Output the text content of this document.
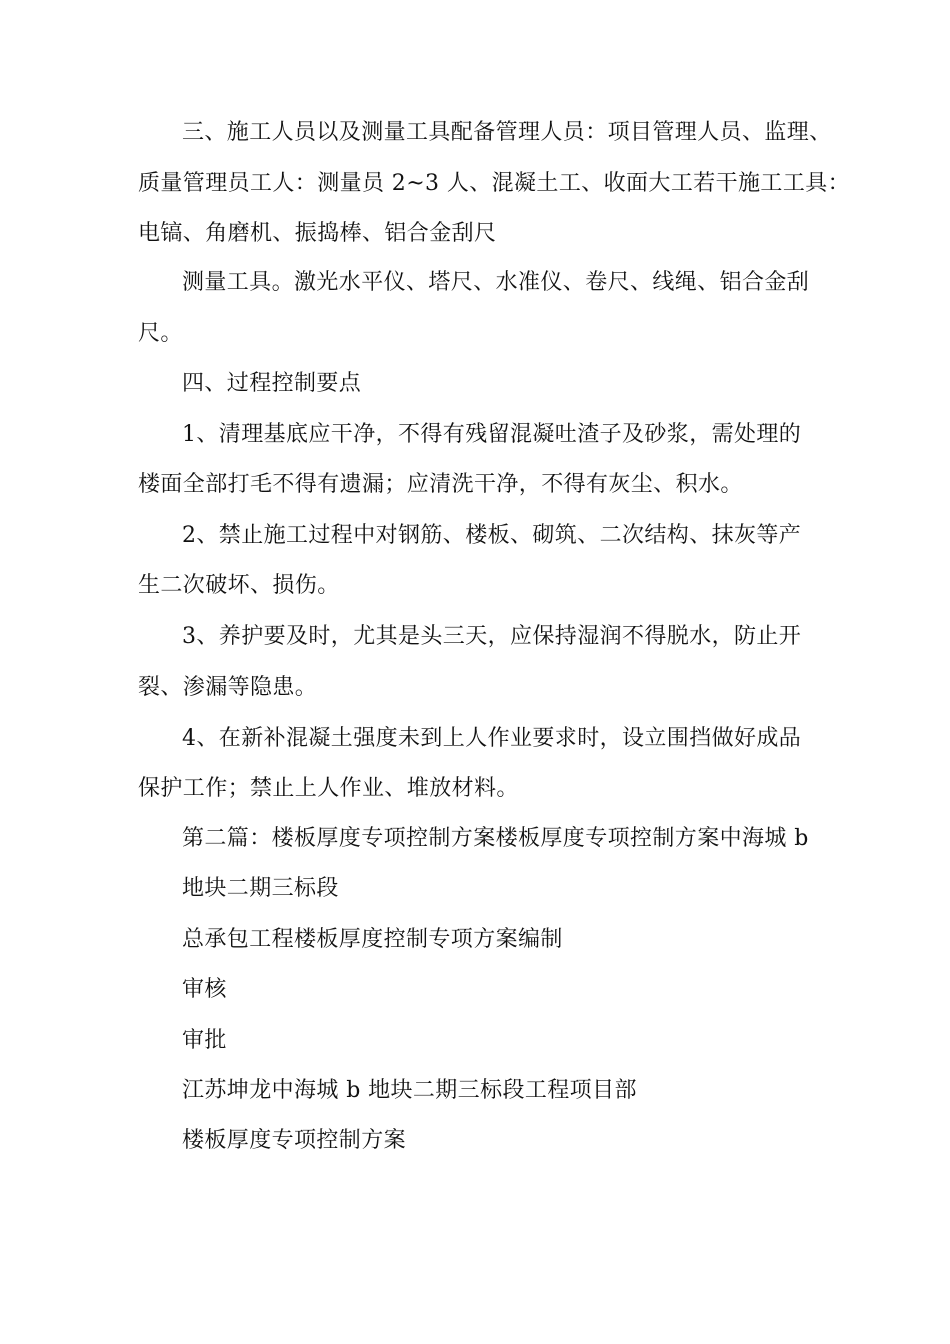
三、施工人员以及测量工具配备管理人员：项目管理人员、监理、
质量管理员工人：测量员 2~3 人、混凝土工、收面大工若干施工工具：
电镐、角磨机、振捣棒、铝合金刮尺
测量工具。激光水平仪、塔尺、水准仪、卷尺、线绳、铝合金刮
尺。
四、过程控制要点
1、清理基底应干净，不得有残留混凝吐渣子及砂浆，需处理的
楼面全部打毛不得有遗漏；应清洗干净，不得有灰尘、积水。
2、禁止施工过程中对钢筋、楼板、砌筑、二次结构、抹灰等产
生二次破坏、损伤。
3、养护要及时，尤其是头三天，应保持湿润不得脱水，防止开
裂、渗漏等隐患。
4、在新补混凝土强度未到上人作业要求时，设立围挡做好成品
保护工作；禁止上人作业、堆放材料。
第二篇：楼板厚度专项控制方案楼板厚度专项控制方案中海城 b
地块二期三标段
总承包工程楼板厚度控制专项方案编制
审核
审批
江苏坤龙中海城 b 地块二期三标段工程项目部
楼板厚度专项控制方案
